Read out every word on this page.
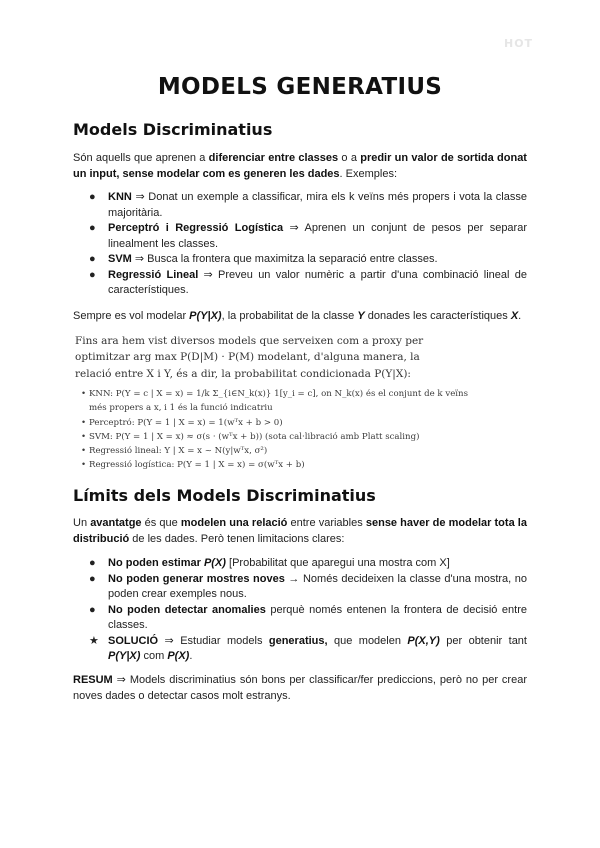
HOT
MODELS GENERATIUS
Models Discriminatius

Són aquells que aprenen a diferenciar entre classes o a predir un valor de sortida donat un input, sense modelar com es generen les dades. Exemples:

● KNN ⇒ Donat un exemple a classificar, mira els k veïns més propers i vota la classe majoritària.
● Perceptró i Regressió Logística ⇒ Aprenen un conjunt de pesos per separar linealment les classes.
● SVM ⇒ Busca la frontera que maximitza la separació entre classes.
● Regressió Lineal ⇒ Preveu un valor numèric a partir d'una combinació lineal de característiques.

Sempre es vol modelar P(Y|X), la probabilitat de la classe Y donades les característiques X.

Fins ara hem vist diversos models que serveixen com a proxy per
optimitzar arg max P(D|M) · P(M) modelant, d'alguna manera, la
relació entre X i Y, és a dir, la probabilitat condicionada P(Y|X):
• KNN: P(Y = c | X = x) = 1/k Σ_{i∈N_k(x)} 1[y_i = c], on N_k(x) és el conjunt de k veïns
més propers a x, i 1 és la funció indicatriu
• Perceptró: P(Y = 1 | X = x) = 1(wᵀx + b > 0)
• SVM: P(Y = 1 | X = x) ≈ σ(s · (wᵀx + b)) (sota cal·libració amb Platt scaling)
• Regressió lineal: Y | X = x ~ N(y|wᵀx, σ²)
• Regressió logística: P(Y = 1 | X = x) = σ(wᵀx + b)
Límits dels Models Discriminatius

Un avantatge és que modelen una relació entre variables sense haver de modelar tota la distribució de les dades. Però tenen limitacions clares:

● No poden estimar P(X) [Probabilitat que aparegui una mostra com X]
● No poden generar mostres noves → Només decideixen la classe d'una mostra, no poden crear exemples nous.
● No poden detectar anomalies perquè només entenen la frontera de decisió entre classes.
★ SOLUCIÓ ⇒ Estudiar models generatius, que modelen P(X,Y) per obtenir tant P(Y|X) com P(X).

RESUM ⇒ Models discriminatius són bons per classificar/fer prediccions, però no per crear noves dades o detectar casos molt estranys.
